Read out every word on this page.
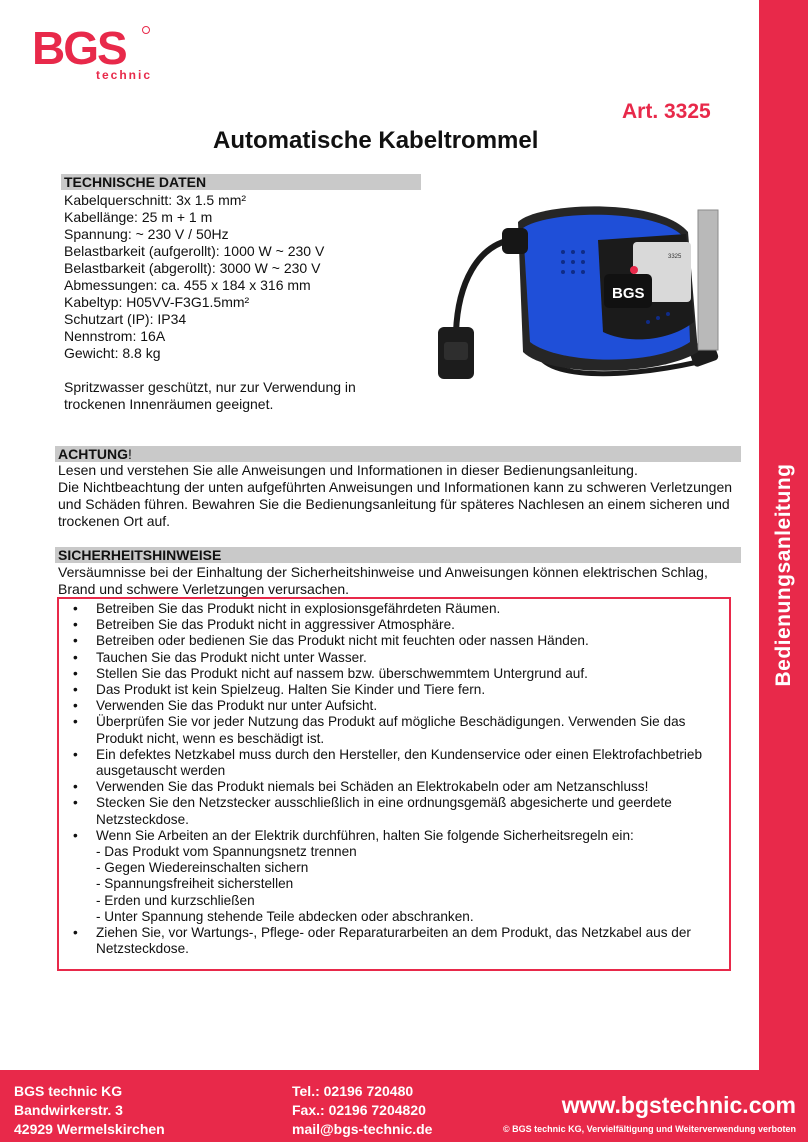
Bedienungsanleitung
BGS
technic
Art. 3325
Automatische Kabeltrommel
TECHNISCHE DATEN
Kabelquerschnitt: 3x 1.5 mm²
Kabellänge: 25 m + 1 m
Spannung: ~ 230 V / 50Hz
Belastbarkeit (aufgerollt): 1000 W ~ 230 V
Belastbarkeit (abgerollt): 3000 W ~ 230 V
Abmessungen: ca. 455 x 184 x 316 mm
Kabeltyp: H05VV-F3G1.5mm²
Schutzart (IP): IP34
Nennstrom: 16A
Gewicht: 8.8 kg
Spritzwasser geschützt, nur zur Verwendung in trockenen Innenräumen geeignet.
BGS
3325
ACHTUNG!
Lesen und verstehen Sie alle Anweisungen und Informationen in dieser Bedienungsanleitung.
Die Nichtbeachtung der unten aufgeführten Anweisungen und Informationen kann zu schweren Verletzungen und Schäden führen. Bewahren Sie die Bedienungsanleitung für späteres Nachlesen an einem sicheren und trockenen Ort auf.
SICHERHEITSHINWEISE
Versäumnisse bei der Einhaltung der Sicherheitshinweise und Anweisungen können elektrischen Schlag, Brand und schwere Verletzungen verursachen.
• Betreiben Sie das Produkt nicht in explosionsgefährdeten Räumen.
• Betreiben Sie das Produkt nicht in aggressiver Atmosphäre.
• Betreiben oder bedienen Sie das Produkt nicht mit feuchten oder nassen Händen.
• Tauchen Sie das Produkt nicht unter Wasser.
• Stellen Sie das Produkt nicht auf nassem bzw. überschwemmtem Untergrund auf.
• Das Produkt ist kein Spielzeug. Halten Sie Kinder und Tiere fern.
• Verwenden Sie das Produkt nur unter Aufsicht.
• Überprüfen Sie vor jeder Nutzung das Produkt auf mögliche Beschädigungen. Verwenden Sie das Produkt nicht, wenn es beschädigt ist.
• Ein defektes Netzkabel muss durch den Hersteller, den Kundenservice oder einen Elektrofachbetrieb ausgetauscht werden
• Verwenden Sie das Produkt niemals bei Schäden an Elektrokabeln oder am Netzanschluss!
• Stecken Sie den Netzstecker ausschließlich in eine ordnungsgemäß abgesicherte und geerdete Netzsteckdose.
• Wenn Sie Arbeiten an der Elektrik durchführen, halten Sie folgende Sicherheitsregeln ein:
- Das Produkt vom Spannungsnetz trennen
- Gegen Wiedereinschalten sichern
- Spannungsfreiheit sicherstellen
- Erden und kurzschließen
- Unter Spannung stehende Teile abdecken oder abschranken.
• Ziehen Sie, vor Wartungs-, Pflege- oder Reparaturarbeiten an dem Produkt, das Netzkabel aus der Netzsteckdose.
BGS technic KG
Bandwirkerstr. 3
42929 Wermelskirchen
Tel.: 02196 720480
Fax.: 02196 7204820
mail@bgs-technic.de
www.bgstechnic.com
© BGS technic KG, Vervielfältigung und Weiterverwendung verboten
